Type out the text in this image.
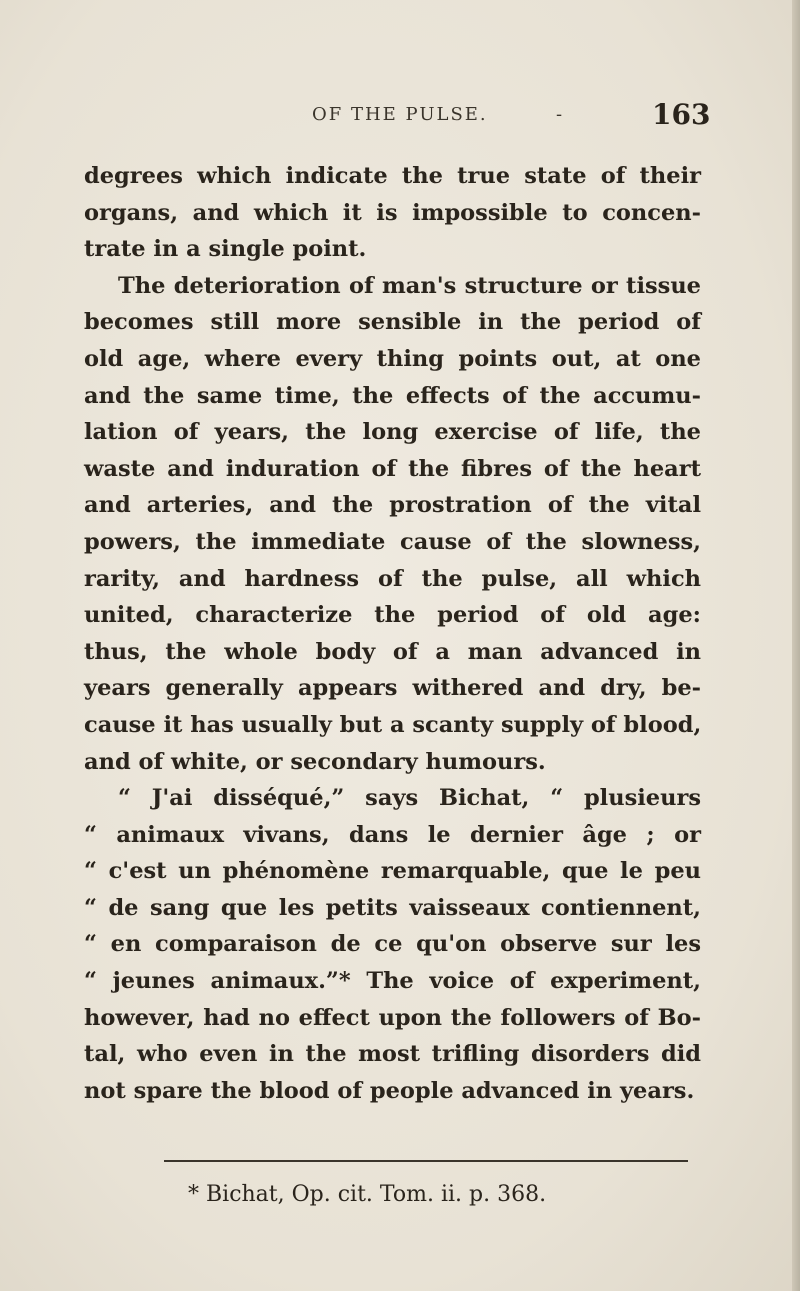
OF THE PULSE.	-	163
degrees which indicate the true state of their
organs, and which it is impossible to concen-
trate in a single point.
The deterioration of man's structure or tissue
becomes still more sensible in the period of
old age, where every thing points out, at one
and the same time, the effects of the accumu-
lation of years, the long exercise of life, the
waste and induration of the fibres of the heart
and arteries, and the prostration of the vital
powers, the immediate cause of the slowness,
rarity, and hardness of the pulse, all which
united, characterize the period of old age:
thus, the whole body of a man advanced in
years generally appears withered and dry, be-
cause it has usually but a scanty supply of blood,
and of white, or secondary humours.
“ J'ai disséqué,” says Bichat, “ plusieurs
“ animaux vivans, dans le dernier âge ; or
“ c'est un phénomène remarquable, que le peu
“ de sang que les petits vaisseaux contiennent,
“ en comparaison de ce qu'on observe sur les
“ jeunes animaux.”* The voice of experiment,
however, had no effect upon the followers of Bo-
tal, who even in the most trifling disorders did
not spare the blood of people advanced in years.
* Bichat, Op. cit. Tom. ii. p. 368.
